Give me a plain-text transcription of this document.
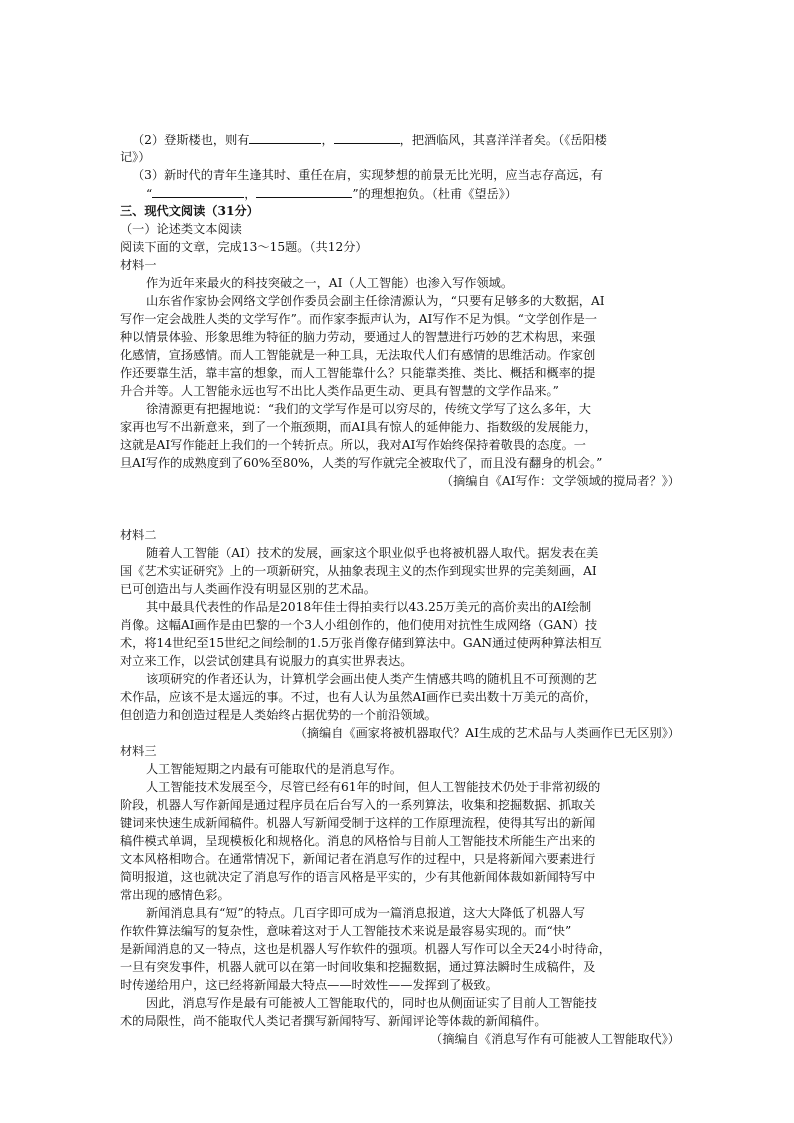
（2）登斯楼也，则有	，	，把酒临风，其喜洋洋者矣。（《岳阳楼
记》）
（3）新时代的青年生逢其时、重任在肩，实现梦想的前景无比光明，应当志存高远，有
“	，	”的理想抱负。（杜甫《望岳》）
三、现代文阅读（31分）
（一）论述类文本阅读
阅读下面的文章，完成13～15题。（共12分）
材料一
作为近年来最火的科技突破之一，AI（人工智能）也渗入写作领域。
山东省作家协会网络文学创作委员会副主任徐清源认为，“只要有足够多的大数据，AI
写作一定会战胜人类的文学写作”。而作家李振声认为，AI写作不足为惧。“文学创作是一
种以情景体验、形象思维为特征的脑力劳动，要通过人的智慧进行巧妙的艺术构思，来强
化感情，宣扬感情。而人工智能就是一种工具，无法取代人们有感情的思维活动。作家创
作还要靠生活，靠丰富的想象，而人工智能靠什么？只能靠类推、类比、概括和概率的提
升合并等。人工智能永远也写不出比人类作品更生动、更具有智慧的文学作品来。”
徐清源更有把握地说：“我们的文学写作是可以穷尽的，传统文学写了这么多年，大
家再也写不出新意来，到了一个瓶颈期，而AI具有惊人的延伸能力、指数级的发展能力，
这就是AI写作能赶上我们的一个转折点。所以，我对AI写作始终保持着敬畏的态度。一
旦AI写作的成熟度到了60%至80%，人类的写作就完全被取代了，而且没有翻身的机会。”
（摘编自《AI写作：文学领域的搅局者？》）
材料二
随着人工智能（AI）技术的发展，画家这个职业似乎也将被机器人取代。据发表在美
国《艺术实证研究》上的一项新研究，从抽象表现主义的杰作到现实世界的完美刻画，AI
已可创造出与人类画作没有明显区别的艺术品。
其中最具代表性的作品是2018年佳士得拍卖行以43.25万美元的高价卖出的AI绘制
肖像。这幅AI画作是由巴黎的一个3人小组创作的，他们使用对抗性生成网络（GAN）技
术，将14世纪至15世纪之间绘制的1.5万张肖像存储到算法中。GAN通过使两种算法相互
对立来工作，以尝试创建具有说服力的真实世界表达。
该项研究的作者还认为，计算机学会画出使人类产生情感共鸣的随机且不可预测的艺
术作品，应该不是太遥远的事。不过，也有人认为虽然AI画作已卖出数十万美元的高价，
但创造力和创造过程是人类始终占据优势的一个前沿领域。
（摘编自《画家将被机器取代？AI生成的艺术品与人类画作已无区别》）
材料三
人工智能短期之内最有可能取代的是消息写作。
人工智能技术发展至今，尽管已经有61年的时间，但人工智能技术仍处于非常初级的
阶段，机器人写作新闻是通过程序员在后台写入的一系列算法，收集和挖掘数据、抓取关
键词来快速生成新闻稿件。机器人写新闻受制于这样的工作原理流程，使得其写出的新闻
稿件模式单调，呈现模板化和规格化。消息的风格恰与目前人工智能技术所能生产出来的
文本风格相吻合。在通常情况下，新闻记者在消息写作的过程中，只是将新闻六要素进行
简明报道，这也就决定了消息写作的语言风格是平实的，少有其他新闻体裁如新闻特写中
常出现的感情色彩。
新闻消息具有“短”的特点。几百字即可成为一篇消息报道，这大大降低了机器人写
作软件算法编写的复杂性，意味着这对于人工智能技术来说是最容易实现的。而“快”
是新闻消息的又一特点，这也是机器人写作软件的强项。机器人写作可以全天24小时待命，
一旦有突发事件，机器人就可以在第一时间收集和挖掘数据，通过算法瞬时生成稿件，及
时传递给用户，这已经将新闻最大特点——时效性——发挥到了极致。
因此，消息写作是最有可能被人工智能取代的，同时也从侧面证实了目前人工智能技
术的局限性，尚不能取代人类记者撰写新闻特写、新闻评论等体裁的新闻稿件。
（摘编自《消息写作有可能被人工智能取代》）
